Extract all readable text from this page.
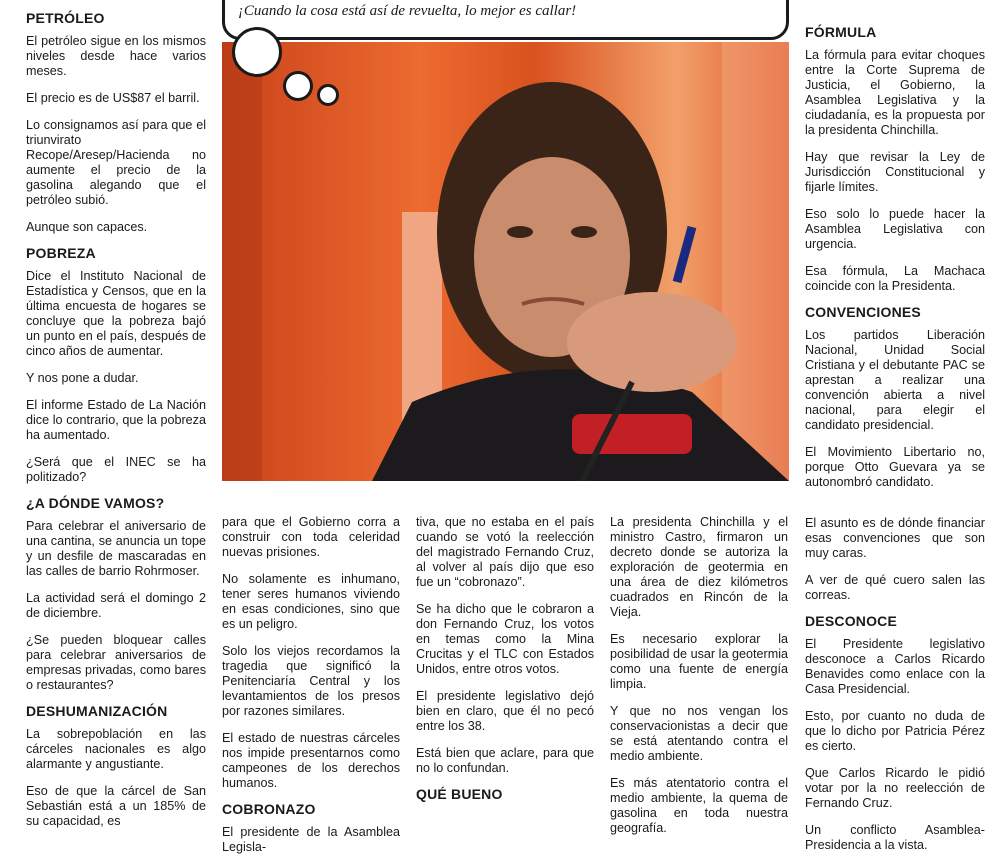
¡Cuando la cosa está así de revuelta, lo mejor es callar!
PETRÓLEO
El petróleo sigue en los mismos niveles desde hace varios meses.
El precio es de US$87 el barril.
Lo consignamos así para que el triunvirato Recope/Aresep/Hacienda no aumente el precio de la gasolina alegando que el petróleo subió.
Aunque son capaces.
POBREZA
Dice el Instituto Nacional de Estadística y Censos, que en la última encuesta de hogares se concluye que la pobreza bajó un punto en el país, después de cinco años de aumentar.
Y nos pone a dudar.
El informe Estado de La Nación dice lo contrario, que la pobreza ha aumentado.
¿Será que el INEC se ha politizado?
¿A DÓNDE VAMOS?
Para celebrar el aniversario de una cantina, se anuncia un tope y un desfile de mascaradas en las calles de barrio Rohrmoser.
La actividad será el domingo 2 de diciembre.
¿Se pueden bloquear calles para celebrar aniversarios de empresas privadas, como bares o restaurantes?
DESHUMANIZACIÓN
La sobrepoblación en las cárceles nacionales es algo alarmante y angustiante.
Eso de que la cárcel de San Sebastián está a un 185% de su capacidad, es
para que el Gobierno corra a construir con toda celeridad nuevas prisiones.
No solamente es inhumano, tener seres humanos viviendo en esas condiciones, sino que es un peligro.
Solo los viejos recordamos la tragedia que significó la Penitenciaría Central y los levantamientos de los presos por razones similares.
El estado de nuestras cárceles nos impide presentarnos como campeones de los derechos humanos.
COBRONAZO
El presidente de la Asamblea Legisla-
tiva, que no estaba en el país cuando se votó la reelección del magistrado Fernando Cruz, al volver al país dijo que eso fue un “cobronazo”.
Se ha dicho que le cobraron a don Fernando Cruz, los votos en temas como la Mina Crucitas y el TLC con Estados Unidos, entre otros votos.
El presidente legislativo dejó bien en claro, que él no pecó entre los 38.
Está bien que aclare, para que no lo confundan.
QUÉ BUENO
La presidenta Chinchilla y el ministro Castro, firmaron un decreto donde se autoriza la exploración de geotermia en una área de diez kilómetros cuadrados en Rincón de la Vieja.
Es necesario explorar la posibilidad de usar la geotermia como una fuente de energía limpia.
Y que no nos vengan los conservacionistas a decir que se está atentando contra el medio ambiente.
Es más atentatorio contra el medio ambiente, la quema de gasolina en toda nuestra geografía.
FÓRMULA
La fórmula para evitar choques entre la Corte Suprema de Justicia, el Gobierno, la Asamblea Legislativa y la ciudadanía, es la propuesta por la presidenta Chinchilla.
Hay que revisar la Ley de Jurisdicción Constitucional y fijarle límites.
Eso solo lo puede hacer la Asamblea Legislativa con urgencia.
Esa fórmula, La Machaca coincide con la Presidenta.
CONVENCIONES
Los partidos Liberación Nacional, Unidad Social Cristiana y el debutante PAC se aprestan a realizar una convención abierta a nivel nacional, para elegir el candidato presidencial.
El Movimiento Libertario no, porque Otto Guevara ya se autonombró candidato.
El asunto es de dónde financiar esas convenciones que son muy caras.
A ver de qué cuero salen las correas.
DESCONOCE
El Presidente legislativo desconoce a Carlos Ricardo Benavides como enlace con la Casa Presidencial.
Esto, por cuanto no duda de que lo dicho por Patricia Pérez es cierto.
Que Carlos Ricardo le pidió votar por la no reelección de Fernando Cruz.
Un conflicto Asamblea-Presidencia a la vista.
